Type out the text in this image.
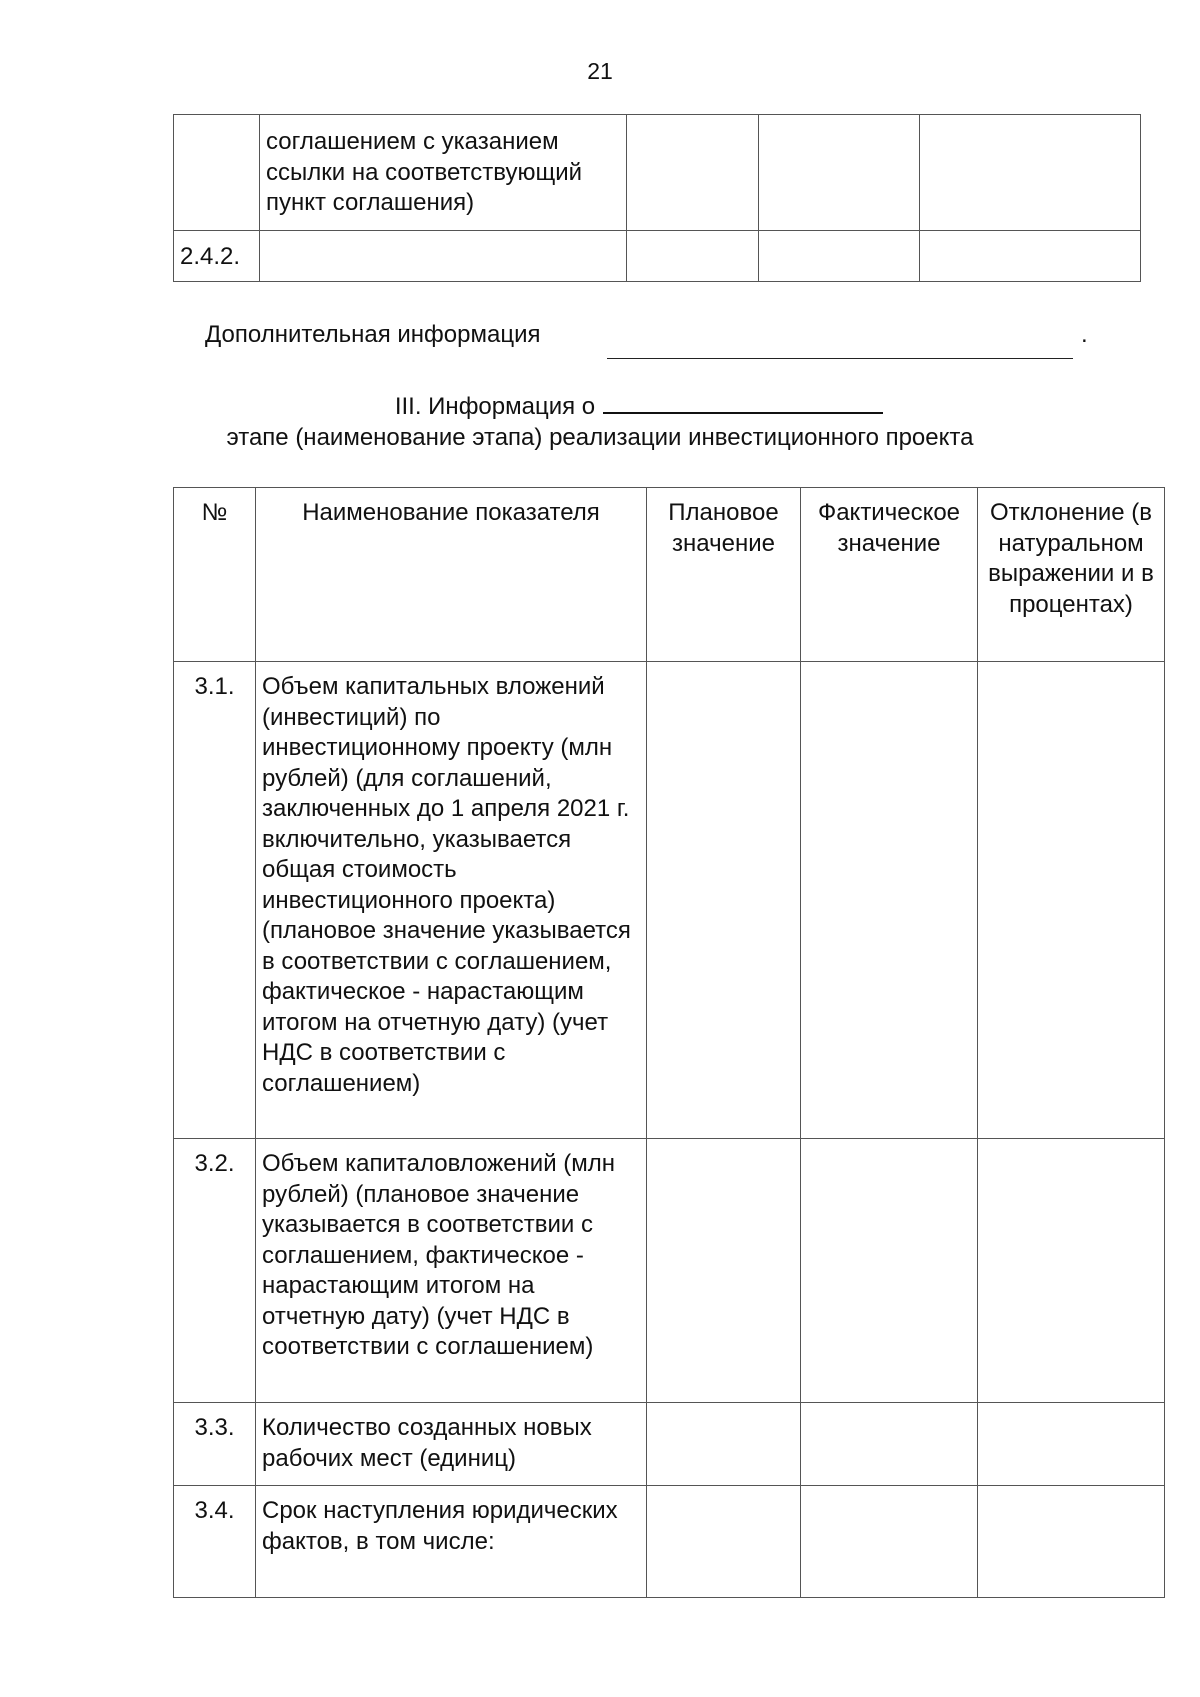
21
	соглашением с указанием ссылки на соответствующий пункт соглашения)			
2.4.2.				
Дополнительная информация	.
III. Информация о
этапе (наименование этапа) реализации инвестиционного проекта
№	Наименование показателя	Плановое значение	Фактическое значение	Отклонение (в натуральном выражении и в процентах)
3.1.	Объем капитальных вложений (инвестиций) по инвестиционному проекту (млн рублей) (для соглашений, заключенных до 1 апреля 2021 г. включительно, указывается общая стоимость инвестиционного проекта) (плановое значение указывается в соответствии с соглашением, фактическое - нарастающим итогом на отчетную дату) (учет НДС в соответствии с соглашением)			
3.2.	Объем капиталовложений (млн рублей) (плановое значение указывается в соответствии с соглашением, фактическое - нарастающим итогом на отчетную дату) (учет НДС в соответствии с соглашением)			
3.3.	Количество созданных новых рабочих мест (единиц)			
3.4.	Срок наступления юридических фактов, в том числе:			
